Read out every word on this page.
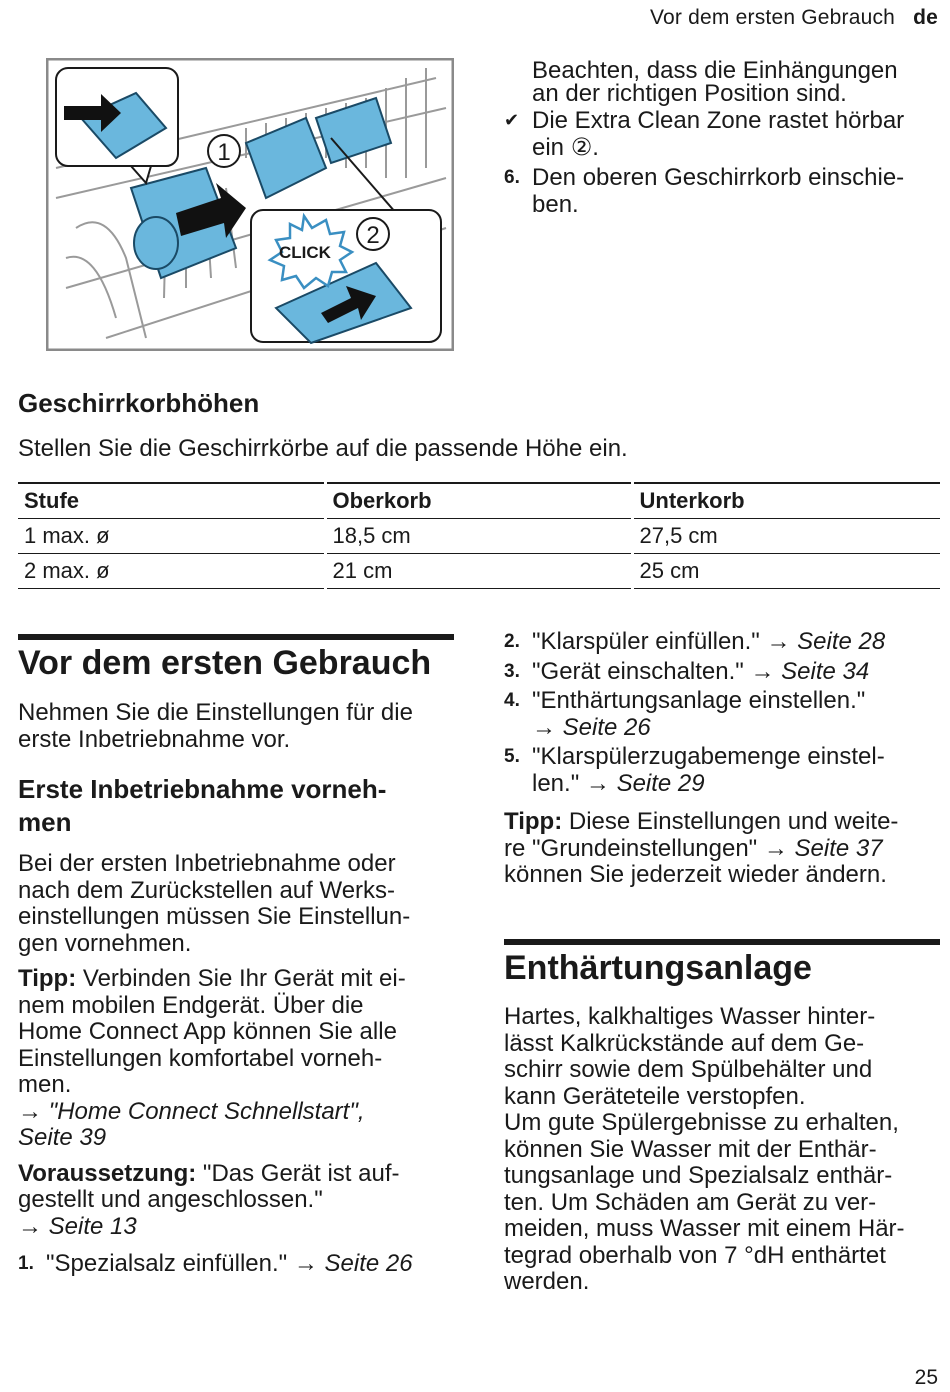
Vor dem ersten Gebrauch de
1
2
CLICK

Beachten, dass die Einhängungen

an der richtigen Position sind.

✔ Die Extra Clean Zone rastet hörbar

ein ②.

6. Den oberen Geschirrkorb einschie-

ben.

Geschirrkorbhöhen

Stellen Sie die Geschirrkörbe auf die passende Höhe ein.

Stufe	Oberkorb	Unterkorb
1 max. ø	18,5 cm	27,5 cm
2 max. ø	21 cm	25 cm
Vor dem ersten Gebrauch

Nehmen Sie die Einstellungen für die

erste Inbetriebnahme vor.

Erste Inbetriebnahme vorneh-

men

Bei der ersten Inbetriebnahme oder

nach dem Zurückstellen auf Werks-

einstellungen müssen Sie Einstellun-

gen vornehmen.

Tipp: Verbinden Sie Ihr Gerät mit ei-

nem mobilen Endgerät. Über die

Home Connect App können Sie alle

Einstellungen komfortabel vorneh-

men.

→ "Home Connect Schnellstart",

Seite 39

Voraussetzung: "Das Gerät ist auf-

gestellt und angeschlossen."

→ Seite 13

1. "Spezialsalz einfüllen." → Seite 26

2. "Klarspüler einfüllen." → Seite 28

3. "Gerät einschalten." → Seite 34

4. "Enthärtungsanlage einstellen."

→ Seite 26

5. "Klarspülerzugabemenge einstel-

len." → Seite 29

Tipp: Diese Einstellungen und weite-

re "Grundeinstellungen" → Seite 37

können Sie jederzeit wieder ändern.

Enthärtungsanlage

Hartes, kalkhaltiges Wasser hinter-

lässt Kalkrückstände auf dem Ge-

schirr sowie dem Spülbehälter und

kann Geräteteile verstopfen.

Um gute Spülergebnisse zu erhalten,

können Sie Wasser mit der Enthär-

tungsanlage und Spezialsalz enthär-

ten. Um Schäden am Gerät zu ver-

meiden, muss Wasser mit einem Här-

tegrad oberhalb von 7 °dH enthärtet

werden.

25
